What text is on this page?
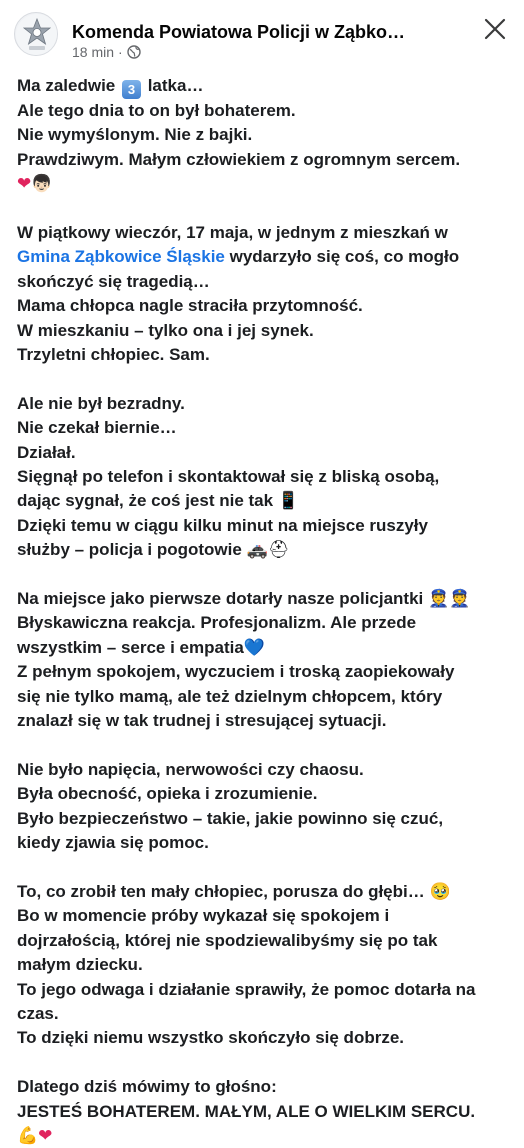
Komenda Powiatowa Policji w Ząbko…
18 min ·
Ma zaledwie 3 latka…
Ale tego dnia to on był bohaterem.
Nie wymyślonym. Nie z bajki.
Prawdziwym. Małym człowiekiem z ogromnym sercem.
❤👦🏻
W piątkowy wieczór, 17 maja, w jednym z mieszkań w
Gmina Ząbkowice Śląskie wydarzyło się coś, co mogło
skończyć się tragedią…
Mama chłopca nagle straciła przytomność.
W mieszkaniu – tylko ona i jej synek.
Trzyletni chłopiec. Sam.
Ale nie był bezradny.
Nie czekał biernie…
Działał.
Sięgnął po telefon i skontaktował się z bliską osobą,
dając sygnał, że coś jest nie tak 📱
Dzięki temu w ciągu kilku minut na miejsce ruszyły
służby – policja i pogotowie 🚓⛑
Na miejsce jako pierwsze dotarły nasze policjantki 👮👮
Błyskawiczna reakcja. Profesjonalizm. Ale przede
wszystkim – serce i empatia💙
Z pełnym spokojem, wyczuciem i troską zaopiekowały
się nie tylko mamą, ale też dzielnym chłopcem, który
znalazł się w tak trudnej i stresującej sytuacji.
Nie było napięcia, nerwowości czy chaosu.
Była obecność, opieka i zrozumienie.
Było bezpieczeństwo – takie, jakie powinno się czuć,
kiedy zjawia się pomoc.
To, co zrobił ten mały chłopiec, porusza do głębi… 🥹
Bo w momencie próby wykazał się spokojem i
dojrzałością, której nie spodziewalibyśmy się po tak
małym dziecku.
To jego odwaga i działanie sprawiły, że pomoc dotarła na
czas.
To dzięki niemu wszystko skończyło się dobrze.
Dlatego dziś mówimy to głośno:
JESTEŚ BOHATEREM. MAŁYM, ALE O WIELKIM SERCU.
💪❤
